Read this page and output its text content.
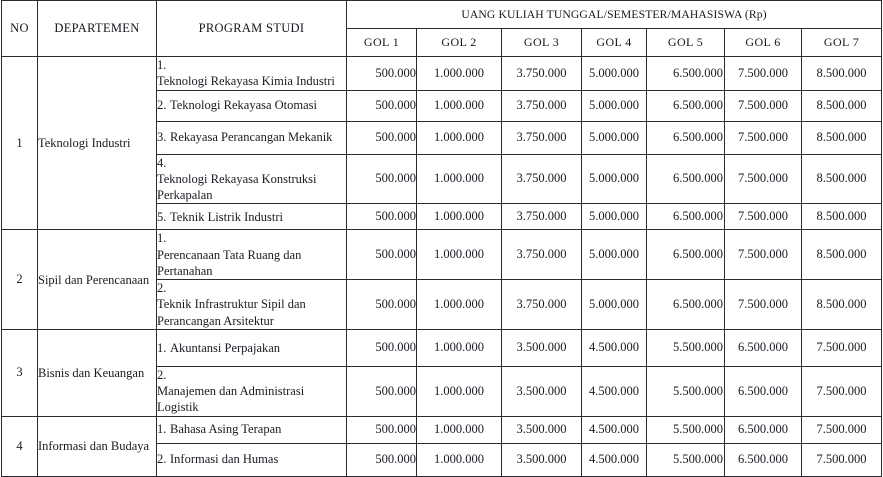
NO	DEPARTEMEN	PROGRAM STUDI	UANG KULIAH TUNGGAL/SEMESTER/MAHASISWA (Rp)						
			GOL 1	GOL 2	GOL 3	GOL 4	GOL 5	GOL 6	GOL 7
1	Teknologi Industri	1.Teknologi Rekayasa Kimia Industri	500.000	1.000.000	3.750.000	5.000.000	6.500.000	7.500.000	8.500.000
		2. Teknologi Rekayasa Otomasi	500.000	1.000.000	3.750.000	5.000.000	6.500.000	7.500.000	8.500.000
		3. Rekayasa Perancangan Mekanik	500.000	1.000.000	3.750.000	5.000.000	6.500.000	7.500.000	8.500.000
		4.Teknologi Rekayasa Konstruksi Perkapalan	500.000	1.000.000	3.750.000	5.000.000	6.500.000	7.500.000	8.500.000
		5. Teknik Listrik Industri	500.000	1.000.000	3.750.000	5.000.000	6.500.000	7.500.000	8.500.000
2	Sipil dan Perencanaan	1.Perencanaan Tata Ruang dan Pertanahan	500.000	1.000.000	3.750.000	5.000.000	6.500.000	7.500.000	8.500.000
		2.Teknik Infrastruktur Sipil dan Perancangan Arsitektur	500.000	1.000.000	3.750.000	5.000.000	6.500.000	7.500.000	8.500.000
3	Bisnis dan Keuangan	1. Akuntansi Perpajakan	500.000	1.000.000	3.500.000	4.500.000	5.500.000	6.500.000	7.500.000
		2.Manajemen dan Administrasi Logistik	500.000	1.000.000	3.500.000	4.500.000	5.500.000	6.500.000	7.500.000
4	Informasi dan Budaya	1. Bahasa Asing Terapan	500.000	1.000.000	3.500.000	4.500.000	5.500.000	6.500.000	7.500.000
		2. Informasi dan Humas	500.000	1.000.000	3.500.000	4.500.000	5.500.000	6.500.000	7.500.000
